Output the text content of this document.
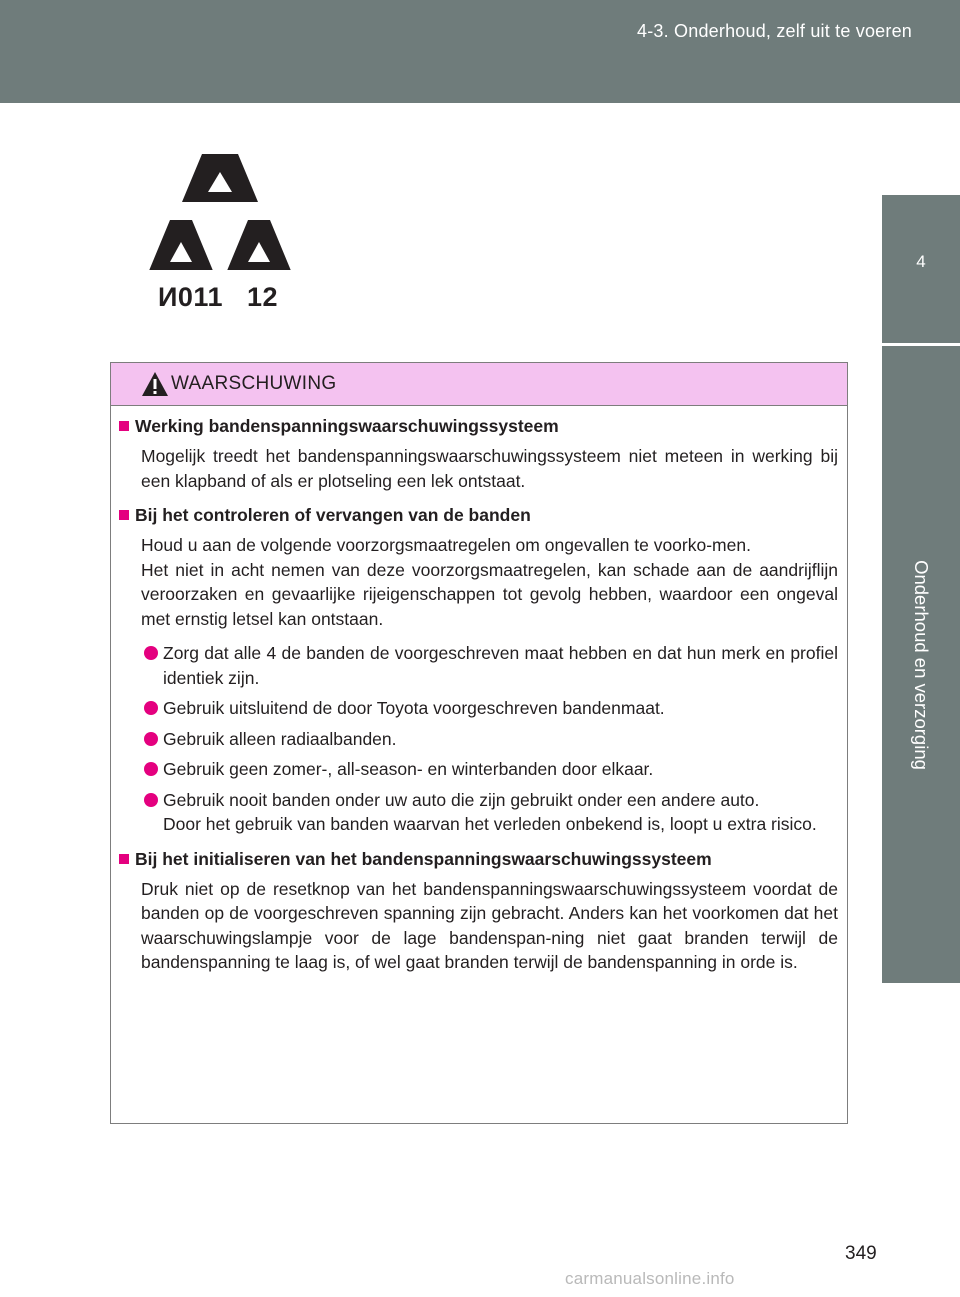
4-3. Onderhoud, zelf uit te voeren
4
Onderhoud en verzorging
И011   12
WAARSCHUWING
Werking bandenspanningswaarschuwingssysteem
Mogelijk treedt het bandenspanningswaarschuwingssysteem niet meteen in werking bij een klapband of als er plotseling een lek ontstaat.
Bij het controleren of vervangen van de banden
Houd u aan de volgende voorzorgsmaatregelen om ongevallen te voorko-men.
Het niet in acht nemen van deze voorzorgsmaatregelen, kan schade aan de aandrijflijn veroorzaken en gevaarlijke rijeigenschappen tot gevolg hebben, waardoor een ongeval met ernstig letsel kan ontstaan.
Zorg dat alle 4 de banden de voorgeschreven maat hebben en dat hun merk en profiel identiek zijn.
Gebruik uitsluitend de door Toyota voorgeschreven bandenmaat.
Gebruik alleen radiaalbanden.
Gebruik geen zomer-, all-season- en winterbanden door elkaar.
Gebruik nooit banden onder uw auto die zijn gebruikt onder een andere auto.
Door het gebruik van banden waarvan het verleden onbekend is, loopt u extra risico.
Bij het initialiseren van het bandenspanningswaarschuwingssysteem
Druk niet op de resetknop van het bandenspanningswaarschuwingssysteem voordat de banden op de voorgeschreven spanning zijn gebracht. Anders kan het voorkomen dat het waarschuwingslampje voor de lage bandenspan-ning niet gaat branden terwijl de bandenspanning te laag is, of wel gaat branden terwijl de bandenspanning in orde is.
349
carmanualsonline.info
